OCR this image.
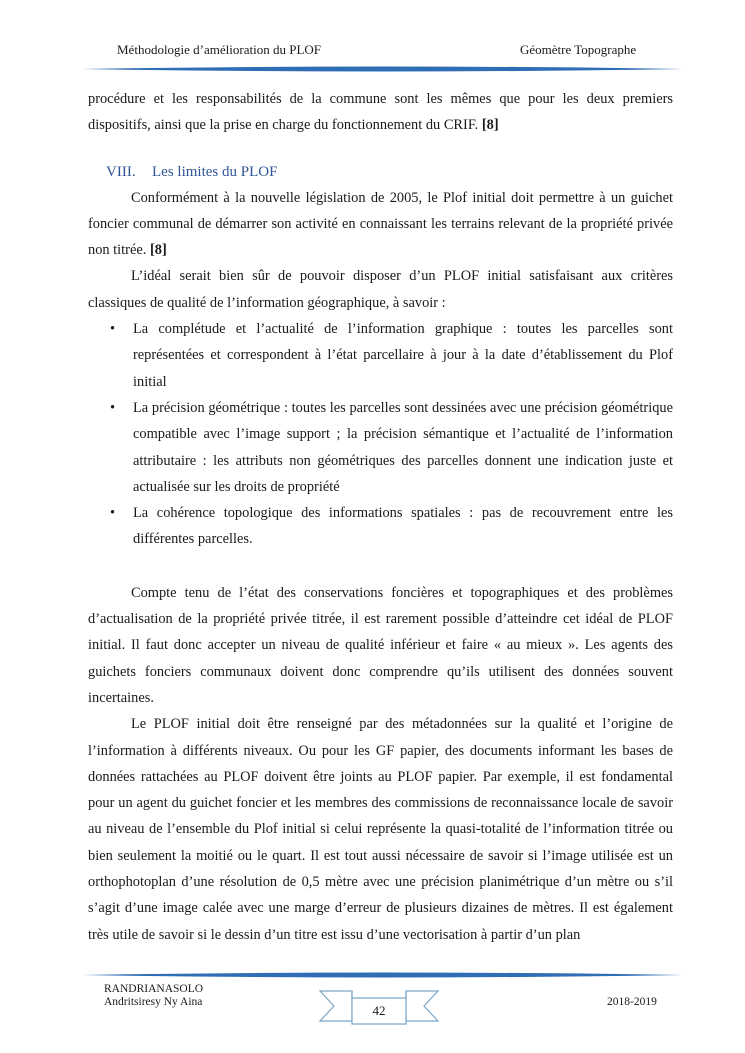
Méthodologie d’amélioration du PLOF	Géomètre Topographe

procédure et les responsabilités de la commune sont les mêmes que pour les deux premiers dispositifs, ainsi que la prise en charge du fonctionnement du CRIF. [8]

VIII. Les limites du PLOF

Conformément à la nouvelle législation de 2005, le Plof initial doit permettre à un guichet foncier communal de démarrer son activité en connaissant les terrains relevant de la propriété privée non titrée. [8]

L’idéal serait bien sûr de pouvoir disposer d’un PLOF initial satisfaisant aux critères classiques de qualité de l’information géographique, à savoir :

• La complétude et l’actualité de l’information graphique : toutes les parcelles sont représentées et correspondent à l’état parcellaire à jour à la date d’établissement du Plof initial
• La précision géométrique : toutes les parcelles sont dessinées avec une précision géométrique compatible avec l’image support ; la précision sémantique et l’actualité de l’information attributaire : les attributs non géométriques des parcelles donnent une indication juste et actualisée sur les droits de propriété
• La cohérence topologique des informations spatiales : pas de recouvrement entre les différentes parcelles.

Compte tenu de l’état des conservations foncières et topographiques et des problèmes d’actualisation de la propriété privée titrée, il est rarement possible d’atteindre cet idéal de PLOF initial. Il faut donc accepter un niveau de qualité inférieur et faire « au mieux ». Les agents des guichets fonciers communaux doivent donc comprendre qu’ils utilisent des données souvent incertaines.

Le PLOF initial doit être renseigné par des métadonnées sur la qualité et l’origine de l’information à différents niveaux. Ou pour les GF papier, des documents informant les bases de données rattachées au PLOF doivent être joints au PLOF papier. Par exemple, il est fondamental pour un agent du guichet foncier et les membres des commissions de reconnaissance locale de savoir au niveau de l’ensemble du Plof initial si celui représente la quasi-totalité de l’information titrée ou bien seulement la moitié ou le quart. Il est tout aussi nécessaire de savoir si l’image utilisée est un orthophotoplan d’une résolution de 0,5 mètre avec une précision planimétrique d’un mètre ou s’il s’agit d’une image calée avec une marge d’erreur de plusieurs dizaines de mètres. Il est également très utile de savoir si le dessin d’un titre est issu d’une vectorisation à partir d’un plan

RANDRIANASOLO
Andritsiresy Ny Aina	2018-2019
42
